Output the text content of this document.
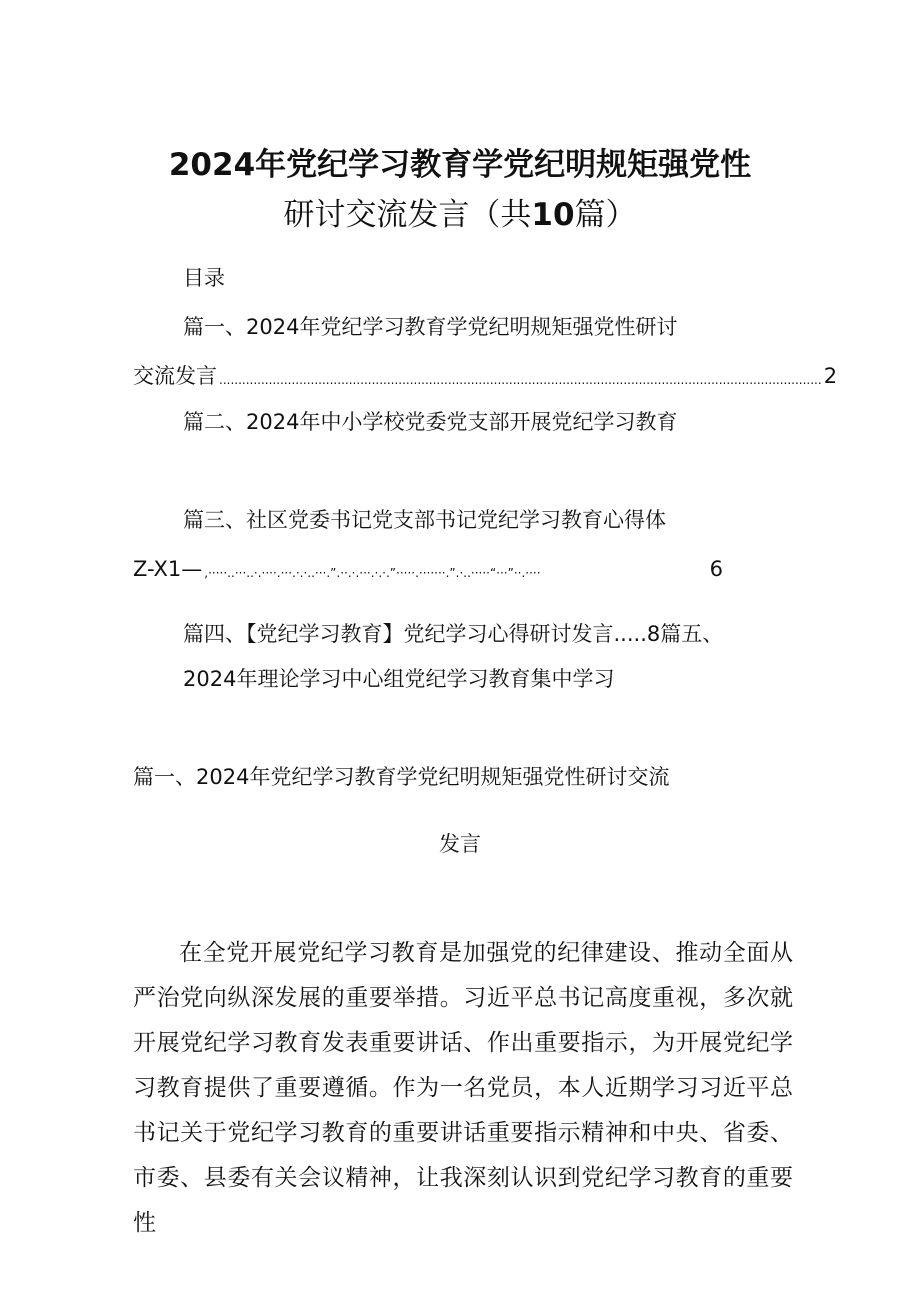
2024年党纪学习教育学党纪明规矩强党性
研讨交流发言（共10篇）
目录
篇一、2024年党纪学习教育学党纪明规矩强党性研讨
交流发言 .............................................................................................................................................................. 2
篇二、2024年中小学校党委党支部开展党纪学习教育
篇三、社区党委书记党支部书记党纪学习教育心得体
Z-X1— ,·····..···..·.····.···.·.·..···.”.··.·.···.·.·.”·····.·······.”.·..·····“···”··.····	6
篇四、【党纪学习教育】党纪学习心得研讨发言.....8篇五、
2024年理论学习中心组党纪学习教育集中学习
篇一、2024年党纪学习教育学党纪明规矩强党性研讨交流
发言

在全党开展党纪学习教育是加强党的纪律建设、推动全面从严治党向纵深发展的重要举措。习近平总书记高度重视，多次就开展党纪学习教育发表重要讲话、作出重要指示，为开展党纪学习教育提供了重要遵循。作为一名党员，本人近期学习习近平总书记关于党纪学习教育的重要讲话重要指示精神和中央、省委、市委、县委有关会议精神，让我深刻认识到党纪学习教育的重要性
